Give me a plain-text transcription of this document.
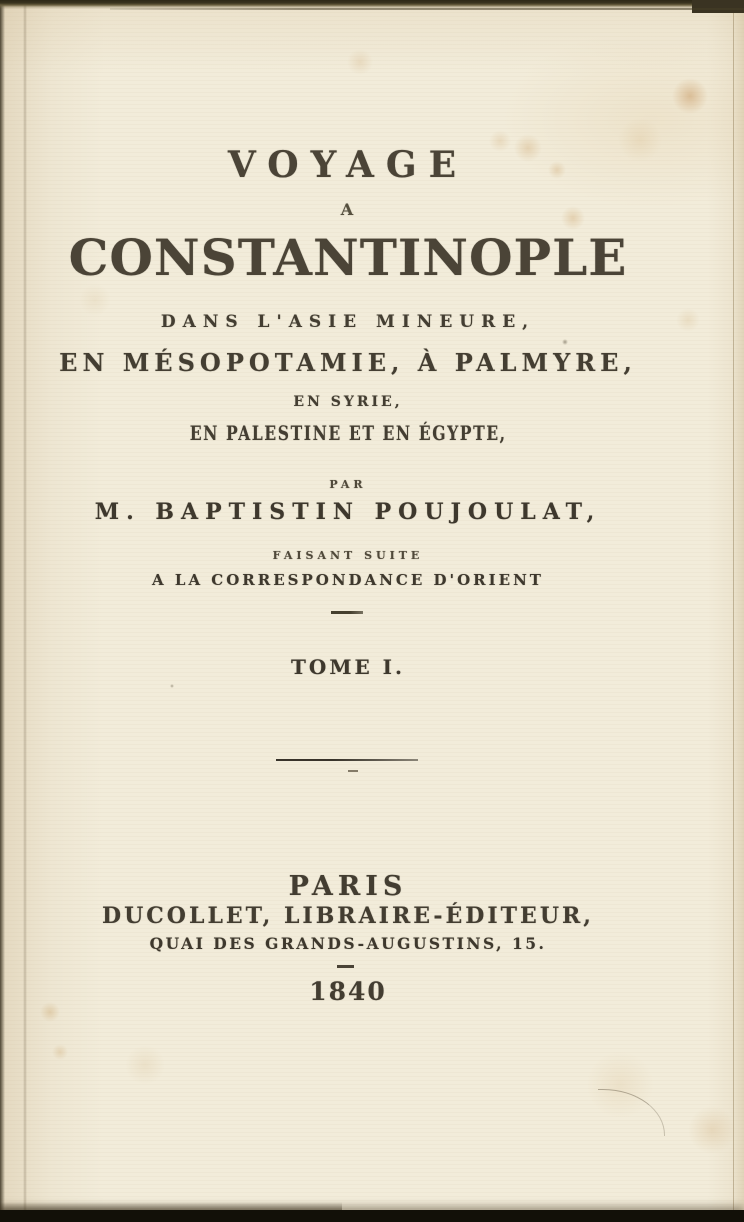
VOYAGE
A
CONSTANTINOPLE
DANS L'ASIE MINEURE,
EN MÉSOPOTAMIE, À PALMYRE,
EN SYRIE,
EN PALESTINE ET EN ÉGYPTE,
PAR
M. BAPTISTIN POUJOULAT,
FAISANT SUITE
A LA CORRESPONDANCE D'ORIENT
TOME I.
PARIS
DUCOLLET, LIBRAIRE-ÉDITEUR,
QUAI DES GRANDS-AUGUSTINS, 15.
1840
